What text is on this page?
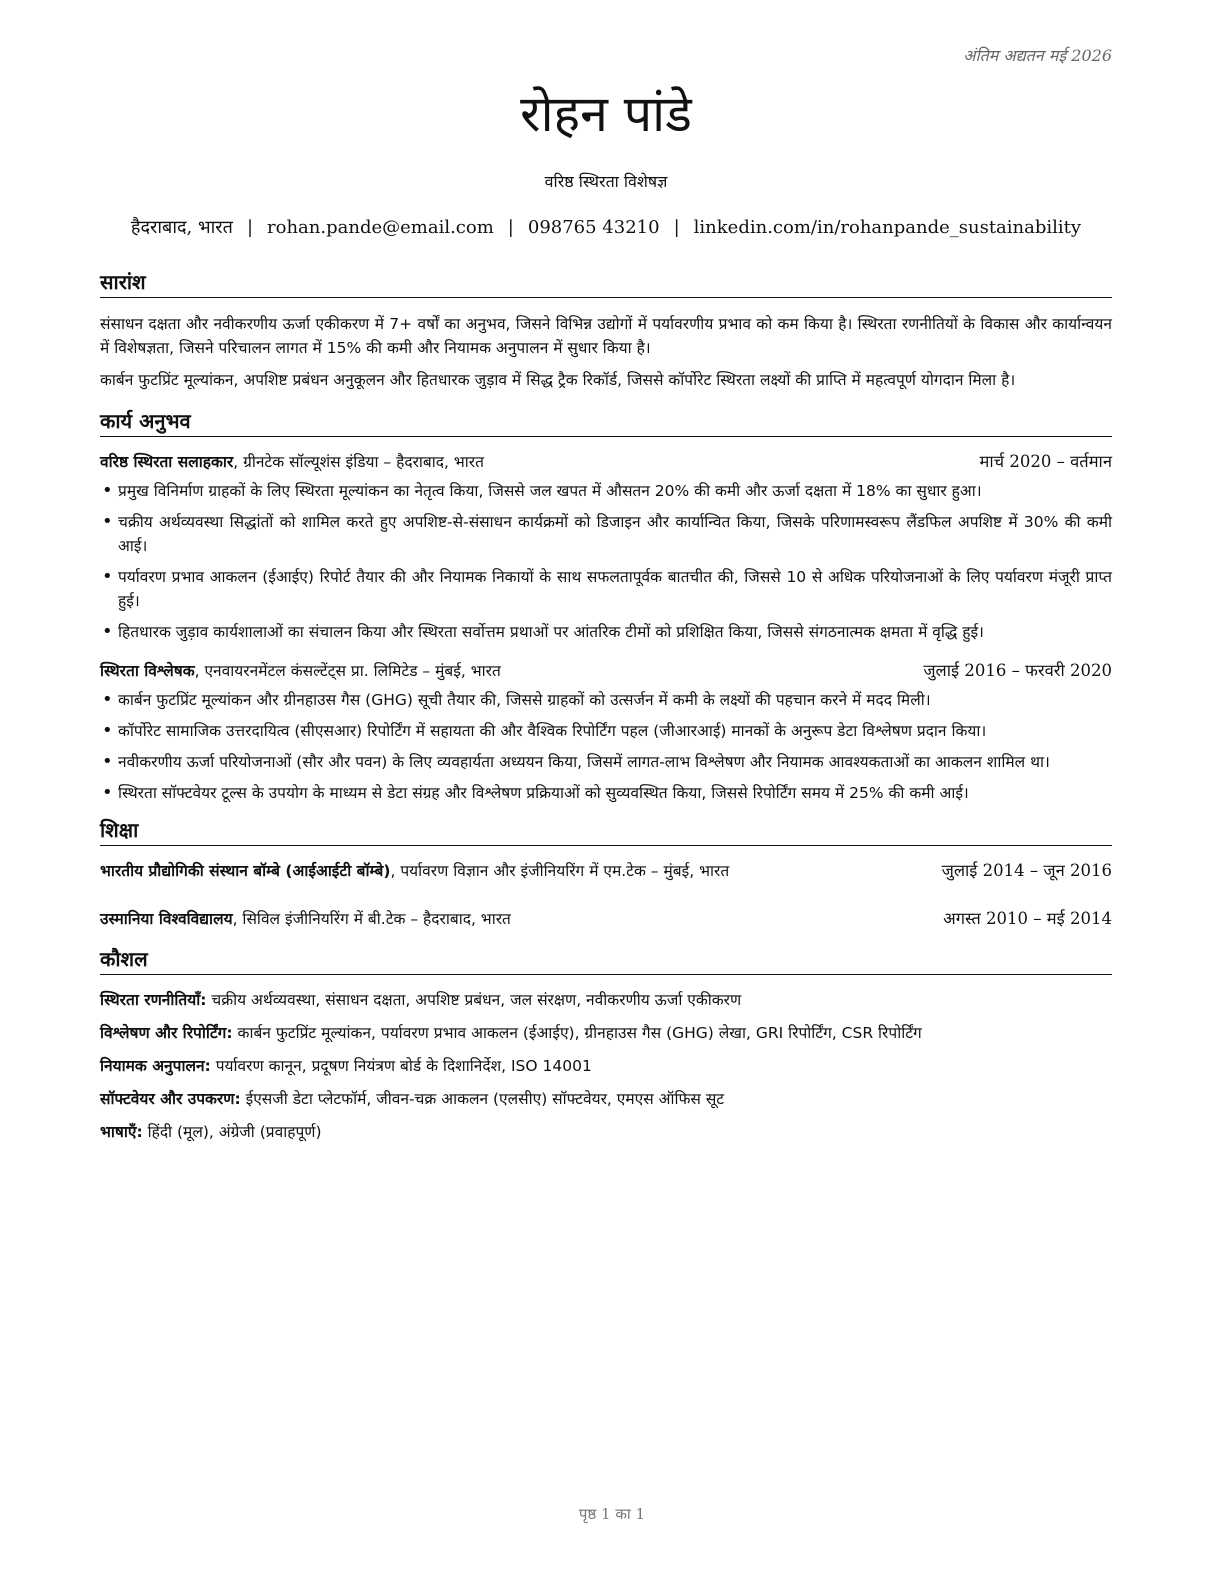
अंतिम अद्यतन मई 2026
रोहन पांडे
वरिष्ठ स्थिरता विशेषज्ञ
हैदराबाद, भारत | rohan.pande@email.com | 098765 43210 | linkedin.com/in/rohanpande_sustainability
सारांश

संसाधन दक्षता और नवीकरणीय ऊर्जा एकीकरण में 7+ वर्षों का अनुभव, जिसने विभिन्न उद्योगों में पर्यावरणीय प्रभाव को कम किया है। स्थिरता रणनीतियों के विकास और कार्यान्वयन में विशेषज्ञता, जिसने परिचालन लागत में 15% की कमी और नियामक अनुपालन में सुधार किया है।

कार्बन फुटप्रिंट मूल्यांकन, अपशिष्ट प्रबंधन अनुकूलन और हितधारक जुड़ाव में सिद्ध ट्रैक रिकॉर्ड, जिससे कॉर्पोरेट स्थिरता लक्ष्यों की प्राप्ति में महत्वपूर्ण योगदान मिला है।

कार्य अनुभव
वरिष्ठ स्थिरता सलाहकार, ग्रीनटेक सॉल्यूशंस इंडिया – हैदराबाद, भारत	मार्च 2020 – वर्तमान
• प्रमुख विनिर्माण ग्राहकों के लिए स्थिरता मूल्यांकन का नेतृत्व किया, जिससे जल खपत में औसतन 20% की कमी और ऊर्जा दक्षता में 18% का सुधार हुआ।
• चक्रीय अर्थव्यवस्था सिद्धांतों को शामिल करते हुए अपशिष्ट-से-संसाधन कार्यक्रमों को डिजाइन और कार्यान्वित किया, जिसके परिणामस्वरूप लैंडफिल अपशिष्ट में 30% की कमी आई।
• पर्यावरण प्रभाव आकलन (ईआईए) रिपोर्ट तैयार की और नियामक निकायों के साथ सफलतापूर्वक बातचीत की, जिससे 10 से अधिक परियोजनाओं के लिए पर्यावरण मंजूरी प्राप्त हुई।
• हितधारक जुड़ाव कार्यशालाओं का संचालन किया और स्थिरता सर्वोत्तम प्रथाओं पर आंतरिक टीमों को प्रशिक्षित किया, जिससे संगठनात्मक क्षमता में वृद्धि हुई।
स्थिरता विश्लेषक, एनवायरनमेंटल कंसल्टेंट्स प्रा. लिमिटेड – मुंबई, भारत	जुलाई 2016 – फरवरी 2020
• कार्बन फुटप्रिंट मूल्यांकन और ग्रीनहाउस गैस (GHG) सूची तैयार की, जिससे ग्राहकों को उत्सर्जन में कमी के लक्ष्यों की पहचान करने में मदद मिली।
• कॉर्पोरेट सामाजिक उत्तरदायित्व (सीएसआर) रिपोर्टिंग में सहायता की और वैश्विक रिपोर्टिंग पहल (जीआरआई) मानकों के अनुरूप डेटा विश्लेषण प्रदान किया।
• नवीकरणीय ऊर्जा परियोजनाओं (सौर और पवन) के लिए व्यवहार्यता अध्ययन किया, जिसमें लागत-लाभ विश्लेषण और नियामक आवश्यकताओं का आकलन शामिल था।
• स्थिरता सॉफ्टवेयर टूल्स के उपयोग के माध्यम से डेटा संग्रह और विश्लेषण प्रक्रियाओं को सुव्यवस्थित किया, जिससे रिपोर्टिंग समय में 25% की कमी आई।
शिक्षा
भारतीय प्रौद्योगिकी संस्थान बॉम्बे (आईआईटी बॉम्बे), पर्यावरण विज्ञान और इंजीनियरिंग में एम.टेक – मुंबई, भारत	जुलाई 2014 – जून 2016
उस्मानिया विश्वविद्यालय, सिविल इंजीनियरिंग में बी.टेक – हैदराबाद, भारत	अगस्त 2010 – मई 2014
कौशल
स्थिरता रणनीतियाँ: चक्रीय अर्थव्यवस्था, संसाधन दक्षता, अपशिष्ट प्रबंधन, जल संरक्षण, नवीकरणीय ऊर्जा एकीकरण
विश्लेषण और रिपोर्टिंग: कार्बन फुटप्रिंट मूल्यांकन, पर्यावरण प्रभाव आकलन (ईआईए), ग्रीनहाउस गैस (GHG) लेखा, GRI रिपोर्टिंग, CSR रिपोर्टिंग
नियामक अनुपालन: पर्यावरण कानून, प्रदूषण नियंत्रण बोर्ड के दिशानिर्देश, ISO 14001
सॉफ्टवेयर और उपकरण: ईएसजी डेटा प्लेटफॉर्म, जीवन-चक्र आकलन (एलसीए) सॉफ्टवेयर, एमएस ऑफिस सूट
भाषाएँ: हिंदी (मूल), अंग्रेजी (प्रवाहपूर्ण)
पृष्ठ 1 का 1
